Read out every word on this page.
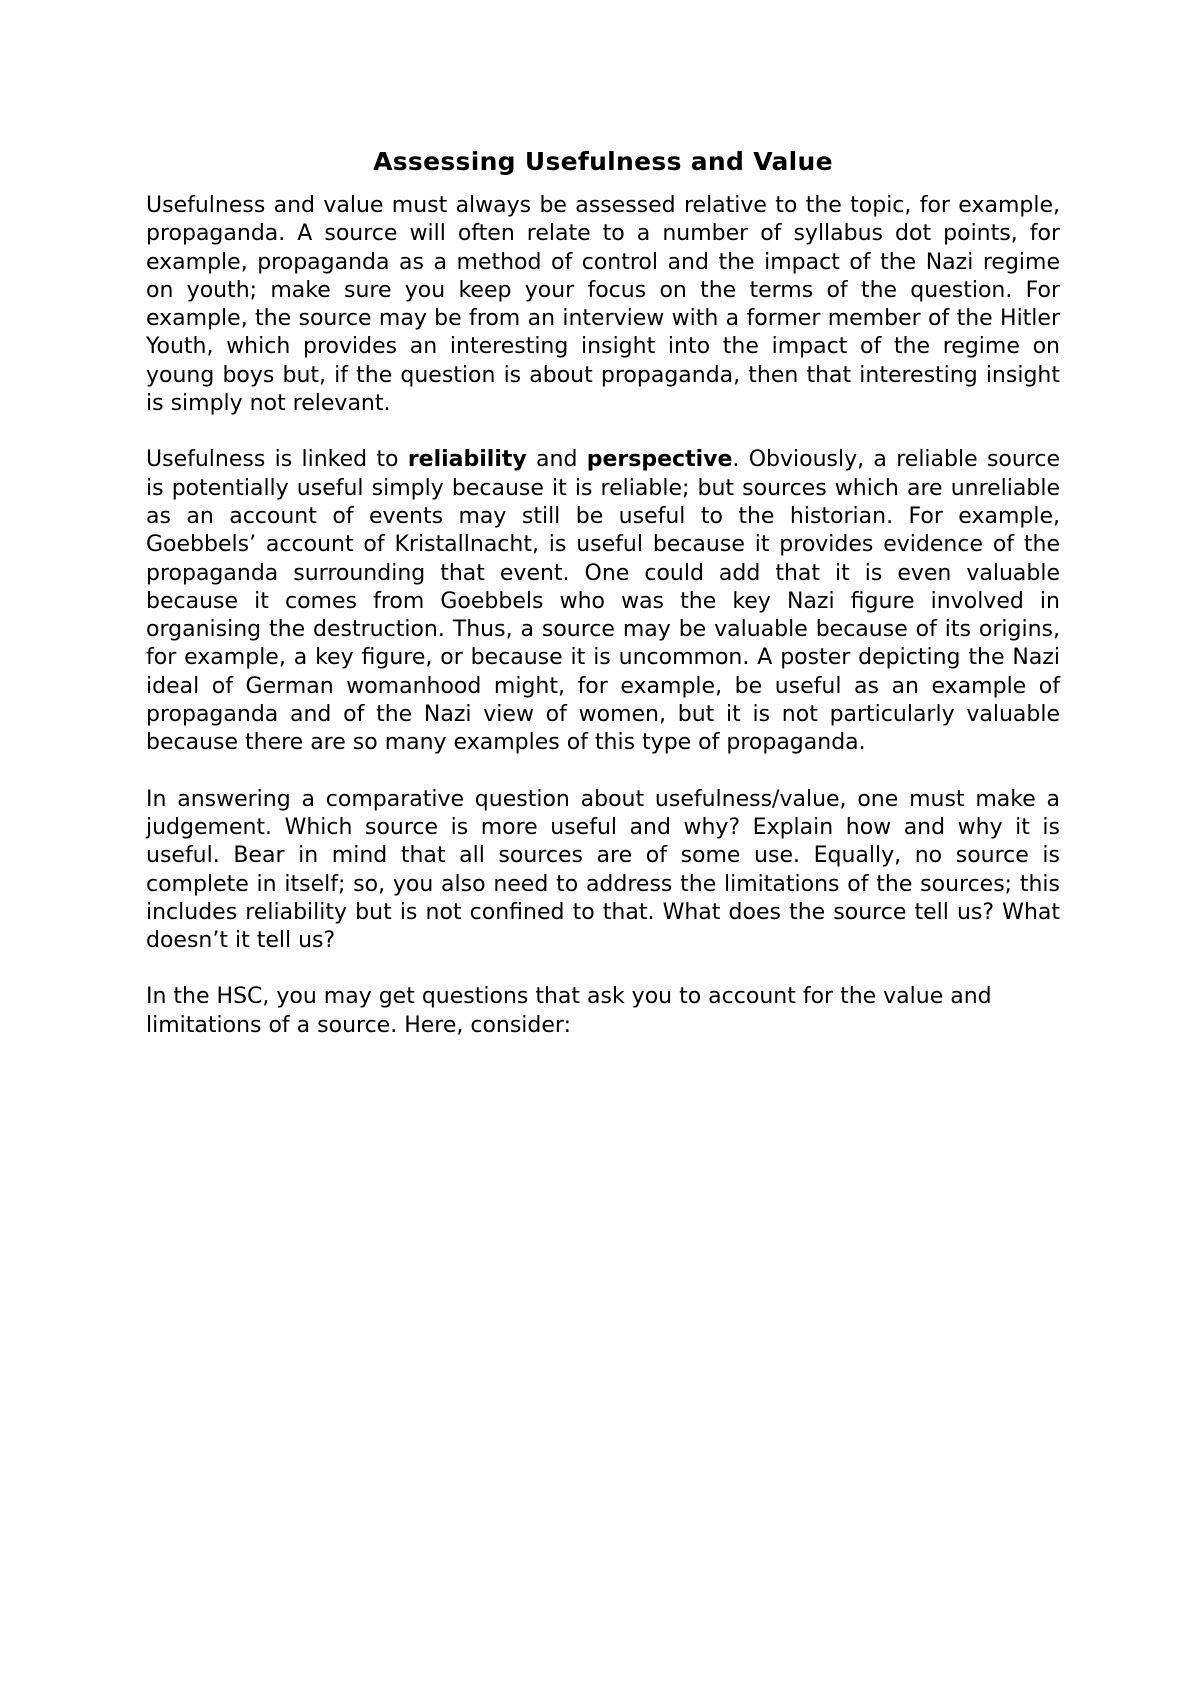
Assessing Usefulness and Value

Usefulness and value must always be assessed relative to the topic, for example, propaganda. A source will often relate to a number of syllabus dot points, for example, propaganda as a method of control and the impact of the Nazi regime on youth; make sure you keep your focus on the terms of the question. For example, the source may be from an interview with a former member of the Hitler Youth, which provides an interesting insight into the impact of the regime on young boys but, if the question is about propaganda, then that interesting insight is simply not relevant.

Usefulness is linked to reliability and perspective. Obviously, a reliable source is potentially useful simply because it is reliable; but sources which are unreliable as an account of events may still be useful to the historian. For example, Goebbels’ account of Kristallnacht, is useful because it provides evidence of the propaganda surrounding that event. One could add that it is even valuable because it comes from Goebbels who was the key Nazi figure involved in organising the destruction. Thus, a source may be valuable because of its origins, for example, a key figure, or because it is uncommon. A poster depicting the Nazi ideal of German womanhood might, for example, be useful as an example of propaganda and of the Nazi view of women, but it is not particularly valuable because there are so many examples of this type of propaganda.

In answering a comparative question about usefulness/value, one must make a judgement. Which source is more useful and why? Explain how and why it is useful. Bear in mind that all sources are of some use. Equally, no source is complete in itself; so, you also need to address the limitations of the sources; this includes reliability but is not confined to that. What does the source tell us? What doesn’t it tell us?

In the HSC, you may get questions that ask you to account for the value and limitations of a source. Here, consider:
